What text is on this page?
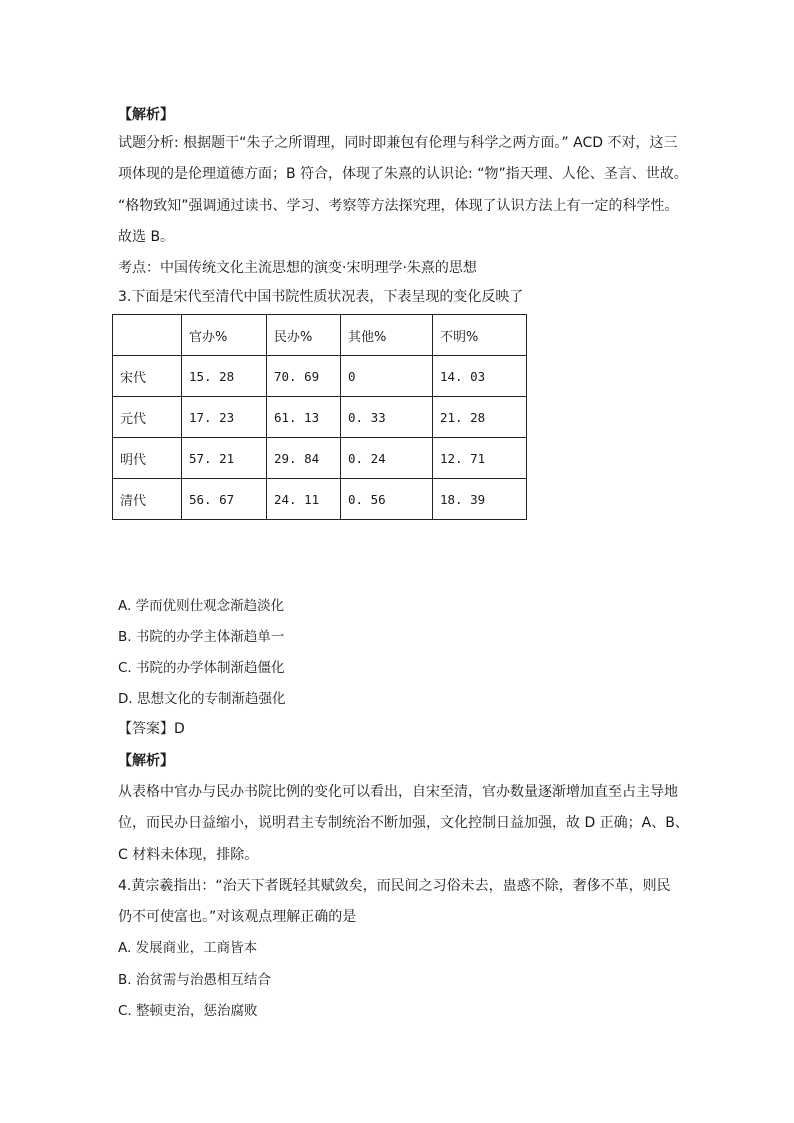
【解析】
试题分析: 根据题干“朱子之所谓理，同时即兼包有伦理与科学之两方面。” ACD 不对，这三
项体现的是伦理道德方面；B 符合，体现了朱熹的认识论: “物”指天理、人伦、圣言、世故。
“格物致知”强调通过读书、学习、考察等方法探究理，体现了认识方法上有一定的科学性。
故选 B。
考点：中国传统文化主流思想的演变·宋明理学·朱熹的思想
3.下面是宋代至清代中国书院性质状况表，下表呈现的变化反映了
	官办%	民办%	其他%	不明%
宋代	15. 28	70. 69	0	14. 03
元代	17. 23	61. 13	0. 33	21. 28
明代	57. 21	29. 84	0. 24	12. 71
清代	56. 67	24. 11	0. 56	18. 39
A. 学而优则仕观念渐趋淡化
B. 书院的办学主体渐趋单一
C. 书院的办学体制渐趋僵化
D. 思想文化的专制渐趋强化
【答案】D
【解析】
从表格中官办与民办书院比例的变化可以看出，自宋至清，官办数量逐渐增加直至占主导地
位，而民办日益缩小，说明君主专制统治不断加强，文化控制日益加强，故 D 正确；A、B、
C 材料未体现，排除。
4.黄宗羲指出：“治天下者既轻其赋敛矣，而民间之习俗未去，蛊惑不除，奢侈不革，则民
仍不可使富也。”对该观点理解正确的是
A. 发展商业，工商皆本
B. 治贫需与治愚相互结合
C. 整顿吏治，惩治腐败
